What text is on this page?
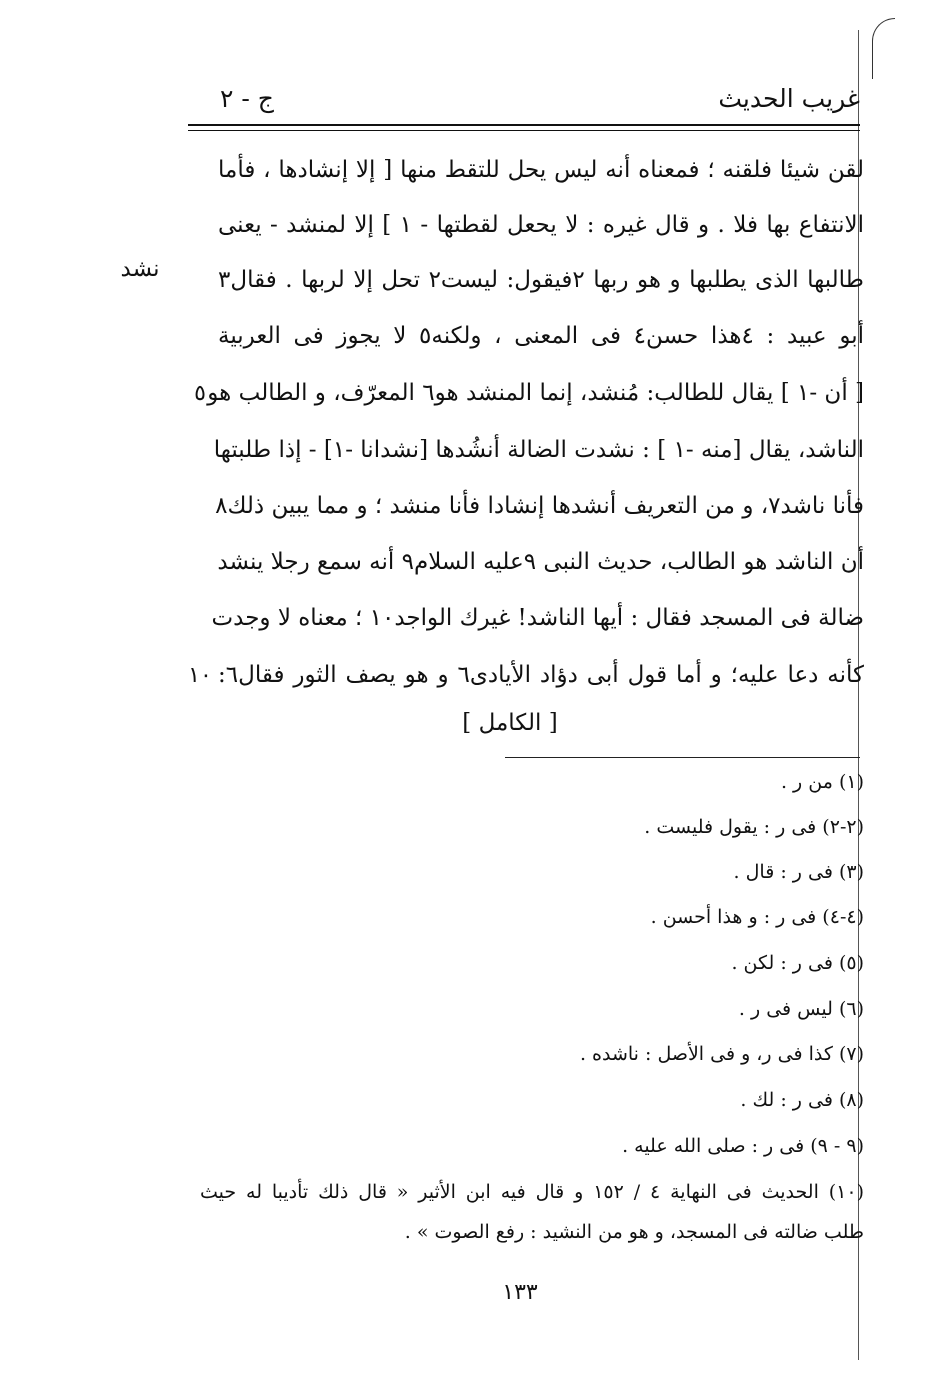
غريب الحديث
ج - ٢
نشد
لقن شيئا فلقنه ؛ فمعناه أنه ليس يحل للتقط منها [ إلا إنشادها ، فأما
الانتفاع بها فلا . و قال غيره : لا يحعل لقطتها - ١ ] إلا لمنشد - يعنى
طالبها الذى يطلبها و هو ربها ٢فيقول: ليست٢ تحل إلا لربها . فقال٣
أبو عبيد : ٤هذا حسن٤ فى المعنى ، ولكنه٥ لا يجوز فى العربية
[ أن -١ ] يقال للطالب: مُنشد، إنما المنشد هو٦ المعرّف، و الطالب هو
الناشد، يقال [منه -١ ] : نشدت الضالة أنشُدها [نشدانا -١] - إذا طلبتها
فأنا ناشد٧، و من التعريف أنشدها إنشادا فأنا منشد ؛ و مما يبين ذلك٨
أن الناشد هو الطالب، حديث النبى ٩عليه السلام٩ أنه سمع رجلا ينشد
ضالة فى المسجد فقال : أيها الناشد! غيرك الواجد١٠ ؛ معناه لا وجدت
كأنه دعا عليه؛ و أما قول أبى دؤاد الأيادى٦ و هو يصف الثور فقال٦:
٥
١٠
[ الكامل ]
(١) من ر .
(٢-٢) فى ر : يقول فليست .
(٣) فى ر : قال .
(٤-٤) فى ر : و هذا أحسن .
(٥) فى ر : لكن .
(٦) ليس فى ر .
(٧) كذا فى ر، و فى الأصل : ناشده .
(٨) فى ر : لك .
(٩ - ٩) فى ر : صلى الله عليه .
(١٠) الحديث فى النهاية ٤ / ١٥٢ و قال فيه ابن الأثير « قال ذلك تأديبا له حيث
طلب ضالته فى المسجد، و هو من النشيد : رفع الصوت » .
١٣٣
